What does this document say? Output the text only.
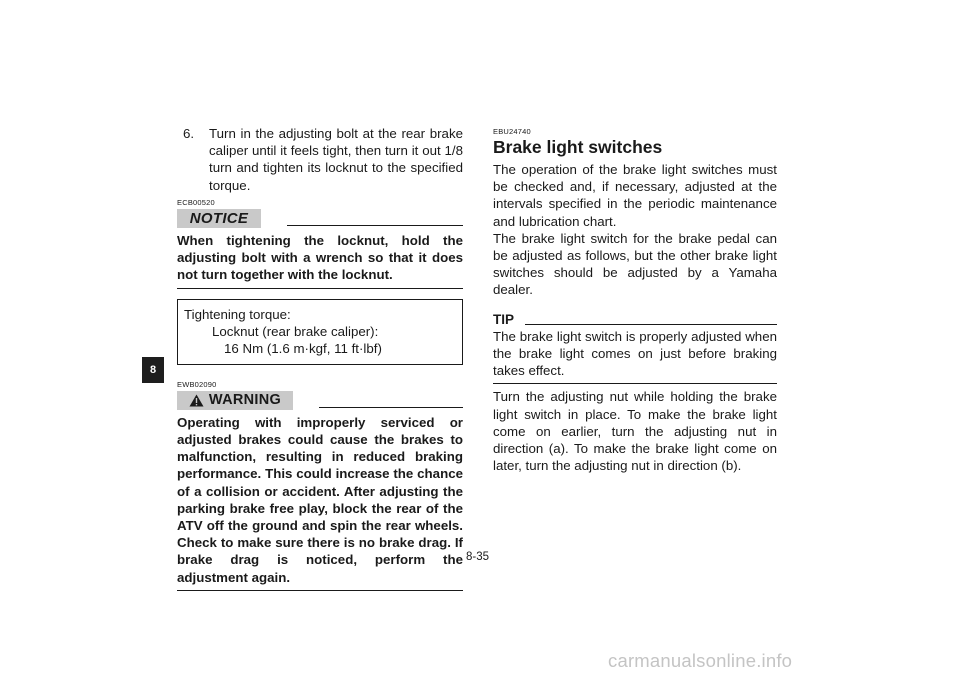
8
6.	Turn in the adjusting bolt at the rear brake caliper until it feels tight, then turn it out 1/8 turn and tighten its locknut to the specified torque.
ECB00520
NOTICE
When tightening the locknut, hold the adjusting bolt with a wrench so that it does not turn together with the locknut.
Tightening torque:
Locknut (rear brake caliper):
16 Nm (1.6 m·kgf, 11 ft·lbf)
EWB02090
WARNING
Operating with improperly serviced or adjusted brakes could cause the brakes to malfunction, resulting in reduced braking performance. This could increase the chance of a collision or accident. After adjusting the parking brake free play, block the rear of the ATV off the ground and spin the rear wheels. Check to make sure there is no brake drag. If brake drag is noticed, perform the adjustment again.
EBU24740
Brake light switches
The operation of the brake light switches must be checked and, if necessary, adjusted at the intervals specified in the periodic maintenance and lubrication chart.
The brake light switch for the brake pedal can be adjusted as follows, but the other brake light switches should be adjusted by a Yamaha dealer.
TIP
The brake light switch is properly adjusted when the brake light comes on just before braking takes effect.
Turn the adjusting nut while holding the brake light switch in place. To make the brake light come on earlier, turn the adjusting nut in direction (a). To make the brake light come on later, turn the adjusting nut in direction (b).
8-35
carmanualsonline.info
